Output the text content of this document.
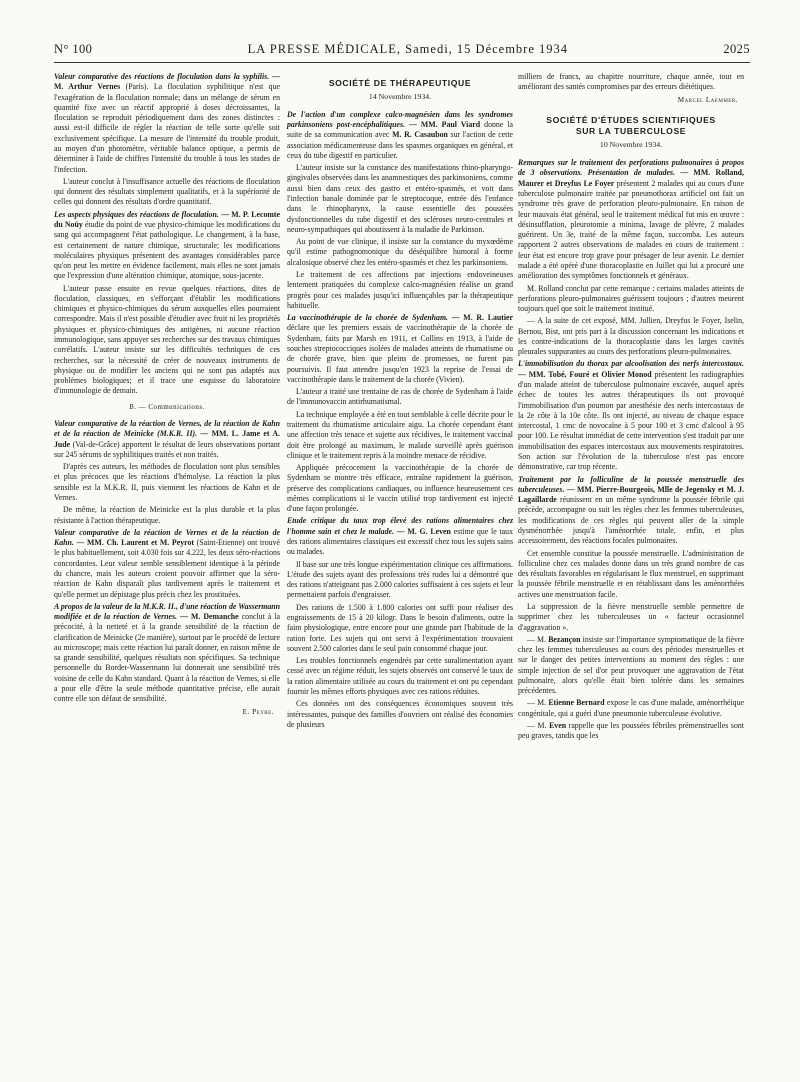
N° 100	LA PRESSE MÉDICALE, Samedi, 15 Décembre 1934	2025

Valeur comparative des réactions de floculation dans la syphilis. — M. Arthur Vernes (Paris). La floculation syphilitique n'est que l'exagération de la floculation normale; dans un mélange de sérum en quantité fixe avec un réactif approprié à doses décroissantes, la floculation se reproduit périodiquement dans des zones distinctes : aussi est-il difficile de régler la réaction de telle sorte qu'elle soit exclusivement spécifique. La mesure de l'intensité du trouble produit, au moyen d'un photomètre, véritable balance optique, a permis de déterminer à l'aide de chiffres l'intensité du trouble à tous les stades de l'infection.

L'auteur conclut à l'insuffisance actuelle des réactions de floculation qui donnent des résultats simplement qualitatifs, et à la supériorité de celles qui donnent des résultats d'ordre quantitatif.

Les aspects physiques des réactions de floculation. — M. P. Lecomte du Noüy étudie du point de vue physico-chimique les modifications du sang qui accompagnent l'état pathologique. Le changement, à la base, est certainement de nature chimique, structurale; les modifications moléculaires physiques présentent des avantages considérables parce qu'on peut les mettre en évidence facilement, mais elles ne sont jamais que l'expression d'une altération chimique, atomique, sous-jacente.

L'auteur passe ensuite en revue quelques réactions, dites de floculation, classiques, en s'efforçant d'établir les modifications chimiques et physico-chimiques du sérum auxquelles elles pourraient correspondre. Mais il n'est possible d'étudier avec fruit ni les propriétés physiques et physico-chimiques des antigènes, ni aucune réaction immunologique, sans appuyer ses recherches sur des travaux chimiques corrélatifs. L'auteur insiste sur les difficultés techniques de ces recherches, sur la nécessité de créer de nouveaux instruments de physique ou de modifier les anciens qui ne sont pas adaptés aux problèmes biologiques; et il trace une esquisse du laboratoire d'immunologie de demain.

B. — Communications.

Valeur comparative de la réaction de Vernes, de la réaction de Kahn et de la réaction de Meinicke (M.K.R. II). — MM. L. Jame et A. Jude (Val-de-Grâce) apportent le résultat de leurs observations portant sur 245 sérums de syphilitiques traités et non traités.

D'après ces auteurs, les méthodes de floculation sont plus sensibles et plus précoces que les réactions d'hémolyse. La réaction la plus sensible est la M.K.R. II, puis viennent les réactions de Kahn et de Vernes.

De même, la réaction de Meinicke est la plus durable et la plus résistante à l'action thérapeutique.

Valeur comparative de la réaction de Vernes et de la réaction de Kahn. — MM. Ch. Laurent et M. Peyrot (Saint-Etienne) ont trouvé le plus habituellement, soit 4.030 fois sur 4.222, les deux séro-réactions concordantes. Leur valeur semble sensiblement identique à la période du chancre, mais les auteurs croient pouvoir affirmer que la séro-réaction de Kahn disparaît plus tardivement après le traitement et qu'elle permet un dépistage plus précis chez les prostituées.

A propos de la valeur de la M.K.R. II., d'une réaction de Wassermann modifiée et de la réaction de Vernes. — M. Demanche conclut à la précocité, à la netteté et à la grande sensibilité de la réaction de clarification de Meinicke (2e manière), surtout par le procédé de lecture au microscope; mais cette réaction lui paraît donner, en raison même de sa grande sensibilité, quelques résultats non spécifiques. Sa technique personnelle du Bordet-Wassermann lui donnerait une sensibilité très voisine de celle du Kahn standard. Quant à la réaction de Vernes, si elle a pour elle d'être la seule méthode quantitative précise, elle aurait contre elle son défaut de sensibilité.

E. Peyre.
SOCIÉTÉ DE THÉRAPEUTIQUE
14 Novembre 1934.

De l'action d'un complexe calco-magnésien dans les syndromes parkinsoniens post-encéphalitiques. — MM. Paul Viard donne la suite de sa communication avec M. R. Casaubon sur l'action de cette association médicamenteuse dans les spasmes organiques en général, et ceux du tube digestif en particulier.

L'auteur insiste sur la constance des manifestations rhino-pharyngo-gingivales observées dans les anamnestiques des parkinsoniens, comme aussi bien dans ceux des gastro et entéro-spasmés, et voit dans l'infection banale dominée par le streptocoque, entrée dès l'enfance dans le rhinopharynx, la cause essentielle des poussées dysfonctionnelles du tube digestif et des scléroses neuro-centrales et neuro-sympathiques qui aboutissent à la maladie de Parkinson.

Au point de vue clinique, il insiste sur la constance du myxœdème qu'il estime pathognomonique du déséquilibre humoral à forme alcalosique observé chez les entéro-spasmés et chez les parkinsoniens.

Le traitement de ces affections par injections endoveineuses lentement pratiquées du complexe calco-magnésien réalise un grand progrès pour ces malades jusqu'ici influençables par la thérapeutique habituelle.

La vaccinothérapie de la chorée de Sydenham. — M. R. Lautier déclare que les premiers essais de vaccinothérapie de la chorée de Sydenham, faits par Marsh en 1911, et Collins en 1913, à l'aide de souches streptococciques isolées de malades atteints de rhumatisme ou de chorée grave, bien que pleins de promesses, ne furent pas poursuivis. Il faut attendre jusqu'en 1923 la reprise de l'essai de vaccinothérapie dans le traitement de la chorée (Vivien).

L'auteur a traité une trentaine de cas de chorée de Sydenham à l'aide de l'immunovaccin antirhumatismal.

La technique employée a été en tout semblable à celle décrite pour le traitement du rhumatisme articulaire aigu. La chorée cependant étant une affection très tenace et sujette aux récidives, le traitement vaccinal doit être prolongé au maximum, le malade surveillé après guérison clinique et le traitement repris à la moindre menace de récidive.

Appliquée précocement la vaccinothérapie de la chorée de Sydenham se montre très efficace, entraîne rapidement la guérison, préserve des complications cardiaques, ou influence heureusement ces mêmes complications si le vaccin utilisé trop tardivement est injecté d'une façon prolongée.

Etude critique du taux trop élevé des rations alimentaires chez l'homme sain et chez le malade. — M. G. Leven estime que le taux des rations alimentaires classiques est excessif chez tous les sujets sains ou malades.

Il base sur une très longue expérimentation clinique ces affirmations. L'étude des sujets ayant des professions très rudes lui a démontré que des rations n'atteignant pas 2.000 calories suffisaient à ces sujets et leur permettaient parfois d'engraisser.

Des rations de 1.500 à 1.800 calories ont suffi pour réaliser des engraissements de 15 à 20 kilogr. Dans le besoin d'aliments, outre la faim physiologique, entre encore pour une grande part l'habitude de la ration forte. Les sujets qui ont servi à l'expérimentation trouvaient souvent 2.500 calories dans le seul pain consommé chaque jour.

Les troubles fonctionnels engendrés par cette suralimentation ayant cessé avec un régime réduit, les sujets observés ont conservé le taux de la ration alimentaire utilisée au cours du traitement et ont pu cependant fournir les mêmes efforts physiques avec ces rations réduites.

Ces données ont des conséquences économiques souvent très intéressantes, puisque des familles d'ouvriers ont réalisé des économies de plusieurs

milliers de francs, au chapitre nourriture, chaque année, tout en améliorant des santés compromises par des erreurs diététiques.

Marcel Laemmer.
SOCIÉTÉ D'ÉTUDES SCIENTIFIQUES
SUR LA TUBERCULOSE
10 Novembre 1934.

Remarques sur le traitement des perforations pulmonaires à propos de 3 observations. Présentation de malades. — MM. Rolland, Maurer et Dreyfus Le Foyer présentent 2 malades qui au cours d'une tuberculose pulmonaire traitée par pneumothorax artificiel ont fait un syndrome très grave de perforation pleuro-pulmonaire. En raison de leur mauvais état général, seul le traitement médical fut mis en œuvre : désinsufflation, pleurotomie a minima, lavage de plèvre, 2 malades guérirent. Un 3e, traité de la même façon, succomba. Les auteurs rapportent 2 autres observations de malades en cours de traitement : leur état est encore trop grave pour présager de leur avenir. Le dernier malade a été opéré d'une thoracoplastie en Juillet qui lui a procuré une amélioration des symptômes fonctionnels et généraux.

M. Rolland conclut par cette remarque : certains malades atteints de perforations pleuro-pulmonaires guérissent toujours ; d'autres meurent toujours quel que soit le traitement institué.

— A la suite de cet exposé, MM. Jullien, Dreyfus le Foyer, Iselin, Bernou, Bist, ont pris part à la discussion concernant les indications et les contre-indications de la thoracoplastie dans les larges cavités pleurales suppurantes au cours des perforations pleuro-pulmonaires.

L'immobilisation du thorax par alcoolisation des nerfs intercostaux. — MM. Tobé, Fouré et Olivier Monod présentent les radiographies d'un malade atteint de tuberculose pulmonaire excavée, auquel après échec de toutes les autres thérapeutiques ils ont provoqué l'immobilisation d'un poumon par anesthésie des nerfs intercostaux de la 2e côte à la 10e côte. Ils ont injecté, au niveau de chaque espace intercostal, 1 cmc de novocaïne à 5 pour 100 et 3 cmc d'alcool à 95 pour 100. Le résultat immédiat de cette intervention s'est traduit par une immobilisation des espaces intercostaux aux mouvements respiratoires. Son action sur l'évolution de la tuberculose n'est pas encore démonstrative, car trop récente.

Traitement par la folliculine de la poussée menstruelle des tuberculeuses. — MM. Pierre-Bourgeois, Mlle de Jegensky et M. J. Lagaillarde réunissent en un même syndrome la poussée fébrile qui précède, accompagne ou suit les règles chez les femmes tuberculeuses, les modifications de ces règles qui peuvent aller de la simple dysménorrhée jusqu'à l'aménorrhée totale, enfin, et plus accessoirement, des réactions focales pulmonaires.

Cet ensemble constitue la poussée menstruelle. L'administration de folliculine chez ces malades donne dans un très grand nombre de cas des résultats favorables en régularisant le flux menstruel, en supprimant la poussée fébrile menstruelle et en rétablissant dans les aménorrhées actives une menstruation facile.

La suppression de la fièvre menstruelle semble permettre de supprimer chez les tuberculeuses un « facteur occasionnel d'aggravation ».

— M. Bezançon insiste sur l'importance symptomatique de la fièvre chez les femmes tuberculeuses au cours des périodes menstruelles et sur le danger des petites interventions au moment des règles : une simple injection de sel d'or peut provoquer une aggravation de l'état pulmonaire, alors qu'elle était bien tolérée dans les semaines précédentes.

— M. Etienne Bernard expose le cas d'une malade, aménorrhéique congénitale, qui a guéri d'une pneumonie tuberculeuse évolutive.

— M. Even rappelle que les poussées fébriles prémenstruelles sont peu graves, tandis que les
